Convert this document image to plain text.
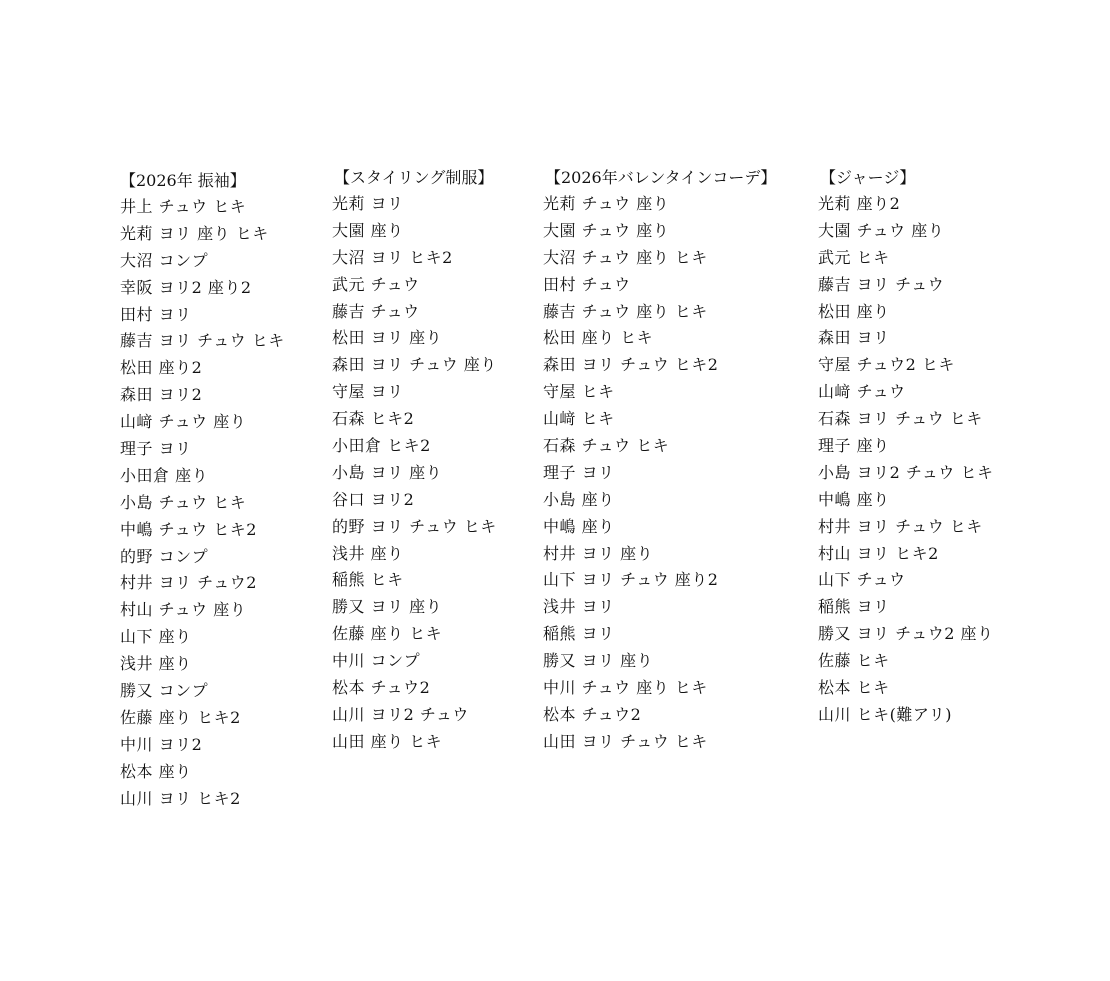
【2026年 振袖】
井上 チュウ ヒキ
光莉 ヨリ 座り ヒキ
大沼 コンプ
幸阪 ヨリ2 座り2
田村 ヨリ
藤吉 ヨリ チュウ ヒキ
松田 座り2
森田 ヨリ2
山﨑 チュウ 座り
理子 ヨリ
小田倉 座り
小島 チュウ ヒキ
中嶋 チュウ ヒキ2
的野 コンプ
村井 ヨリ チュウ2
村山 チュウ 座り
山下 座り
浅井 座り
勝又 コンプ
佐藤 座り ヒキ2
中川 ヨリ2
松本 座り
山川 ヨリ ヒキ2
【スタイリング制服】
光莉 ヨリ
大園 座り
大沼 ヨリ ヒキ2
武元 チュウ
藤吉 チュウ
松田 ヨリ 座り
森田 ヨリ チュウ 座り
守屋 ヨリ
石森 ヒキ2
小田倉 ヒキ2
小島 ヨリ 座り
谷口 ヨリ2
的野 ヨリ チュウ ヒキ
浅井 座り
稲熊 ヒキ
勝又 ヨリ 座り
佐藤 座り ヒキ
中川 コンプ
松本 チュウ2
山川 ヨリ2 チュウ
山田 座り ヒキ
【2026年バレンタインコーデ】
光莉 チュウ 座り
大園 チュウ 座り
大沼 チュウ 座り ヒキ
田村 チュウ
藤吉 チュウ 座り ヒキ
松田 座り ヒキ
森田 ヨリ チュウ ヒキ2
守屋 ヒキ
山﨑 ヒキ
石森 チュウ ヒキ
理子 ヨリ
小島 座り
中嶋 座り
村井 ヨリ 座り
山下 ヨリ チュウ 座り2
浅井 ヨリ
稲熊 ヨリ
勝又 ヨリ 座り
中川 チュウ 座り ヒキ
松本 チュウ2
山田 ヨリ チュウ ヒキ
【ジャージ】
光莉 座り2
大園 チュウ 座り
武元 ヒキ
藤吉 ヨリ チュウ
松田 座り
森田 ヨリ
守屋 チュウ2 ヒキ
山﨑 チュウ
石森 ヨリ チュウ ヒキ
理子 座り
小島 ヨリ2 チュウ ヒキ
中嶋 座り
村井 ヨリ チュウ ヒキ
村山 ヨリ ヒキ2
山下 チュウ
稲熊 ヨリ
勝又 ヨリ チュウ2 座り
佐藤 ヒキ
松本 ヒキ
山川 ヒキ(難アリ)
